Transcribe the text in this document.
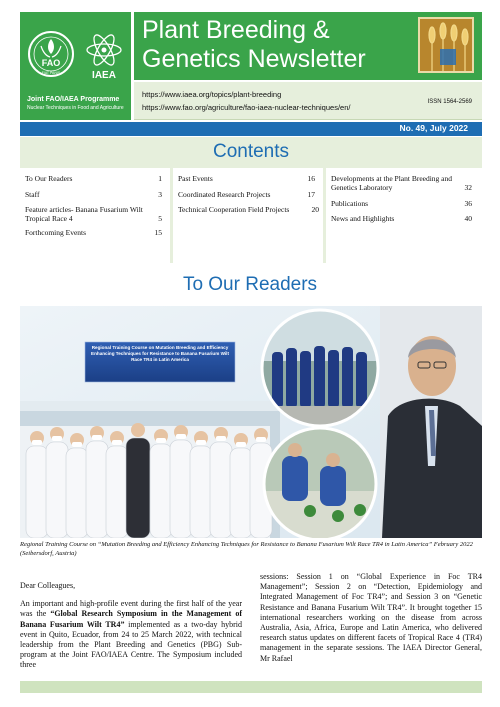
FAO
FIAT PANIS	IAEA
Joint FAO/IAEA Programme
Nuclear Techniques in Food and Agriculture
Plant Breeding & Genetics Newsletter
https://www.iaea.org/topics/plant-breeding
https://www.fao.org/agriculture/fao-iaea-nuclear-techniques/en/
ISSN 1564-2569
No. 49, July 2022
Contents
To Our Readers	1
Staff	3
Feature articles- Banana Fusarium Wilt Tropical Race 4	5
Forthcoming Events	15
Past Events	16
Coordinated Research Projects	17
Technical Cooperation Field Projects	20
Developments at the Plant Breeding and Genetics Laboratory	32
Publications	36
News and Highlights	40
To Our Readers
Regional Training Course on Mutation Breeding and Efficiency Enhancing Techniques for Resistance to Banana Fusarium Wilt Race TR4 in Latin America
Regional Training Course on “Mutation Breeding and Efficiency Enhancing Techniques for Resistance to Banana Fusarium Wilt Race TR4 in Latin America” February 2022 (Seibersdorf, Austria)

Dear Colleagues,

An important and high-profile event during the first half of the year was the “Global Research Symposium in the Management of Banana Fusarium Wilt TR4” implemented as a two-day hybrid event in Quito, Ecuador, from 24 to 25 March 2022, with technical leadership from the Plant Breeding and Genetics (PBG) Sub-program at the Joint FAO/IAEA Centre. The Symposium included three

sessions: Session 1 on “Global Experience in Foc TR4 Management”; Session 2 on “Detection, Epidemiology and Integrated Management of Foc TR4”; and Session 3 on “Genetic Resistance and Banana Fusarium Wilt TR4”. It brought together 15 international researchers working on the disease from across Australia, Asia, Africa, Europe and Latin America, who delivered research status updates on different facets of Tropical Race 4 (TR4) management in the separate sessions. The IAEA Director General, Mr Rafael
